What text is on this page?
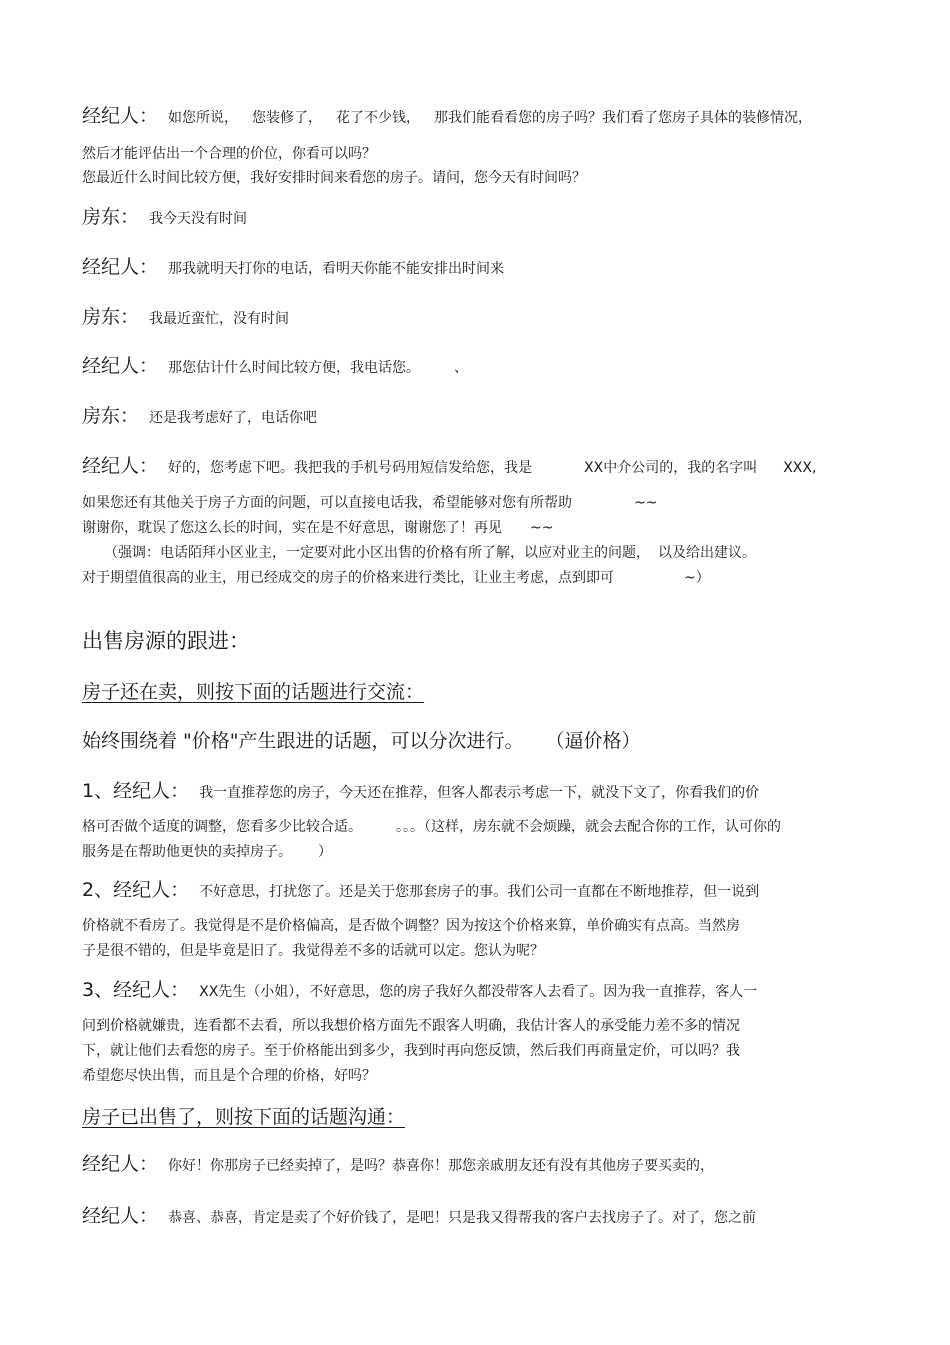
经纪人： 如您所说， 您装修了， 花了不少钱， 那我们能看看您的房子吗？我们看了您房子具体的装修情况，
然后才能评估出一个合理的价位，你看可以吗？
您最近什么时间比较方便，我好安排时间来看您的房子。请问，您今天有时间吗？
房东： 我今天没有时间
经纪人： 那我就明天打你的电话，看明天你能不能安排出时间来
房东： 我最近蛮忙，没有时间
经纪人： 那您估计什么时间比较方便，我电话您。 、
房东： 还是我考虑好了，电话你吧
经纪人： 好的，您考虑下吧。我把我的手机号码用短信发给您，我是	XX中介公司的，我的名字叫 XXX,
如果您还有其他关于房子方面的问题，可以直接电话我，希望能够对您有所帮助	~~
谢谢你，耽误了您这么长的时间，实在是不好意思，谢谢您了！再见 ~~
（强调：电话陌拜小区业主，一定要对此小区出售的价格有所了解，以应对业主的问题， 以及给出建议。
对于期望值很高的业主，用已经成交的房子的价格来进行类比，让业主考虑，点到即可	~）
出售房源的跟进：
房子还在卖，则按下面的话题进行交流：
始终围绕着 "价格"产生跟进的话题，可以分次进行。 （逼价格）
1、经纪人： 我一直推荐您的房子，今天还在推荐，但客人都表示考虑一下，就没下文了，你看我们的价
格可否做个适度的调整，您看多少比较合适。 。。。（这样，房东就不会烦躁，就会去配合你的工作，认可你的
服务是在帮助他更快的卖掉房子。 ）
2、经纪人： 不好意思，打扰您了。还是关于您那套房子的事。我们公司一直都在不断地推荐，但一说到
价格就不看房了。我觉得是不是价格偏高，是否做个调整？因为按这个价格来算，单价确实有点高。当然房
子是很不错的，但是毕竟是旧了。我觉得差不多的话就可以定。您认为呢？
3、经纪人： XX先生（小姐），不好意思，您的房子我好久都没带客人去看了。因为我一直推荐，客人一
问到价格就嫌贵，连看都不去看，所以我想价格方面先不跟客人明确，我估计客人的承受能力差不多的情况
下，就让他们去看您的房子。至于价格能出到多少，我到时再向您反馈，然后我们再商量定价，可以吗？我
希望您尽快出售，而且是个合理的价格，好吗？
房子已出售了，则按下面的话题沟通：
经纪人： 你好！你那房子已经卖掉了，是吗？恭喜你！那您亲戚朋友还有没有其他房子要买卖的，
经纪人： 恭喜、恭喜，肯定是卖了个好价钱了，是吧！只是我又得帮我的客户去找房子了。对了，您之前
